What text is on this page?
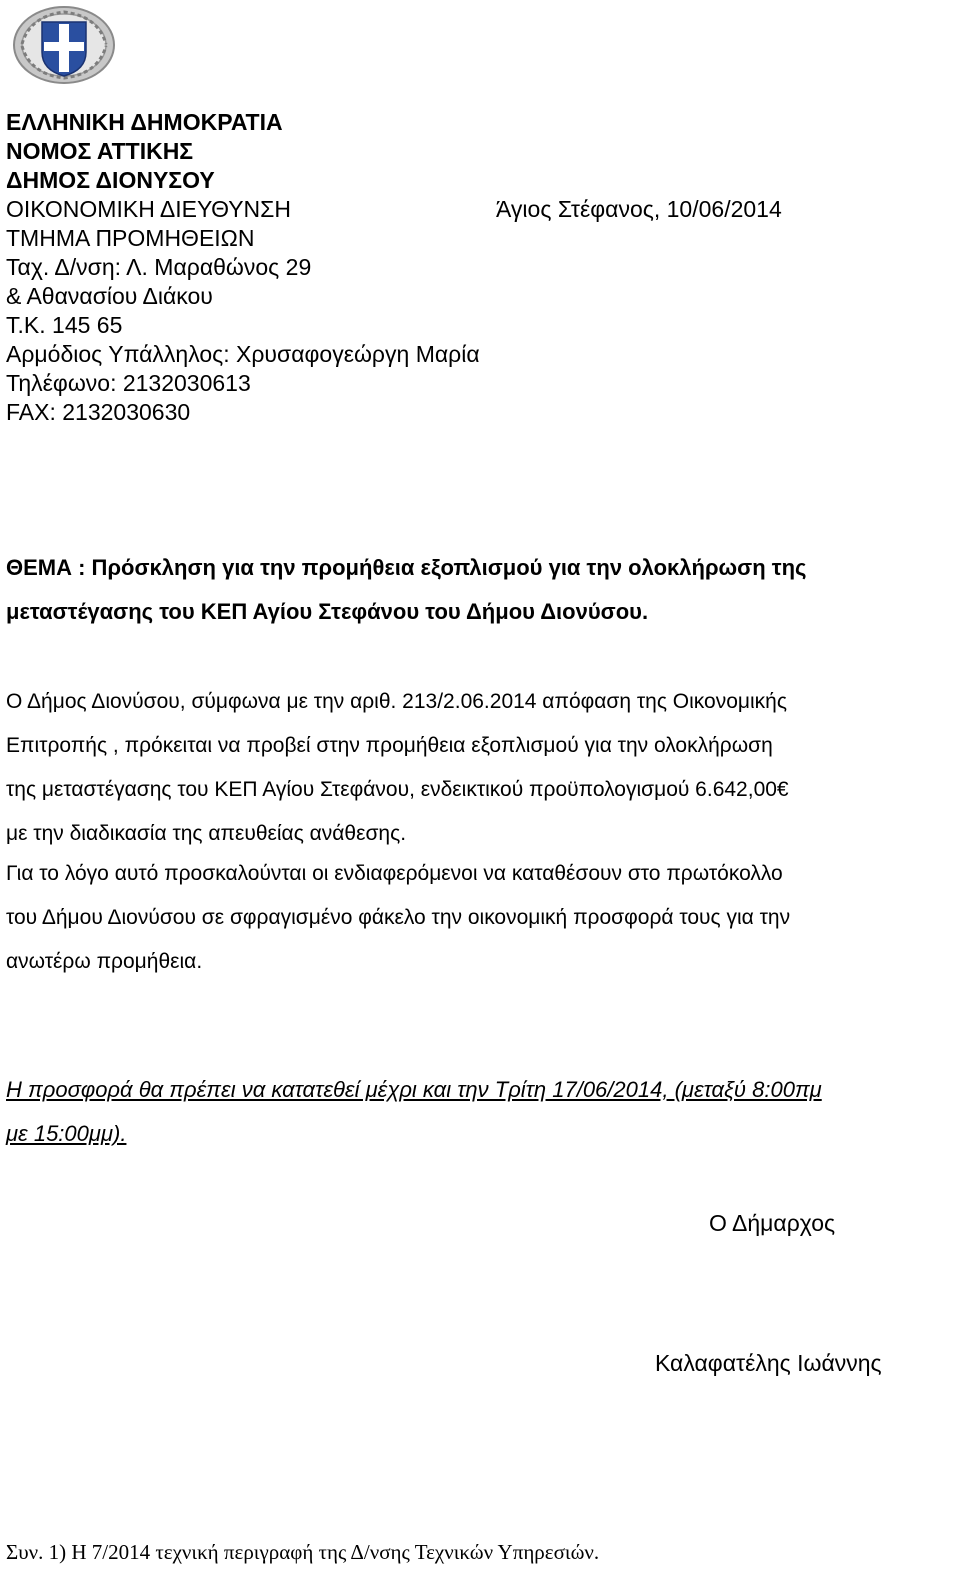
ΕΛΛΗΝΙΚΗ ΔΗΜΟΚΡΑΤΙΑ
ΝΟΜΟΣ ΑΤΤΙΚΗΣ
ΔΗΜΟΣ ΔΙΟΝΥΣΟΥ
ΟΙΚΟΝΟΜΙΚΗ ΔΙΕΥΘΥΝΣΗ
ΤΜΗΜΑ ΠΡΟΜΗΘΕΙΩΝ
Ταχ. Δ/νση: Λ. Μαραθώνος 29
& Αθανασίου Διάκου
Τ.Κ. 145 65
Αρμόδιος Υπάλληλος: Χρυσαφογεώργη Μαρία
Τηλέφωνο: 2132030613
FAX: 2132030630
Άγιος Στέφανος, 10/06/2014
ΘΕΜΑ : Πρόσκληση για την προμήθεια εξοπλισμού για την ολοκλήρωση της
μεταστέγασης του ΚΕΠ Αγίου Στεφάνου του Δήμου Διονύσου.
Ο Δήμος Διονύσου, σύμφωνα με την αριθ. 213/2.06.2014 απόφαση της Οικονομικής
Επιτροπής , πρόκειται να προβεί στην προμήθεια εξοπλισμού για την ολοκλήρωση
της μεταστέγασης του ΚΕΠ Αγίου Στεφάνου, ενδεικτικού προϋπολογισμού 6.642,00€
με την διαδικασία της απευθείας ανάθεσης.
Για το λόγο αυτό προσκαλούνται οι ενδιαφερόμενοι να καταθέσουν στο πρωτόκολλο
του Δήμου Διονύσου σε σφραγισμένο φάκελο την οικονομική προσφορά τους για την
ανωτέρω προμήθεια.
Η προσφορά θα πρέπει να κατατεθεί μέχρι και την Τρίτη 17/06/2014, (μεταξύ 8:00πμ
με 15:00μμ).
Ο Δήμαρχος
Καλαφατέλης Ιωάννης
Συν. 1) Η 7/2014 τεχνική περιγραφή της Δ/νσης Τεχνικών Υπηρεσιών.
